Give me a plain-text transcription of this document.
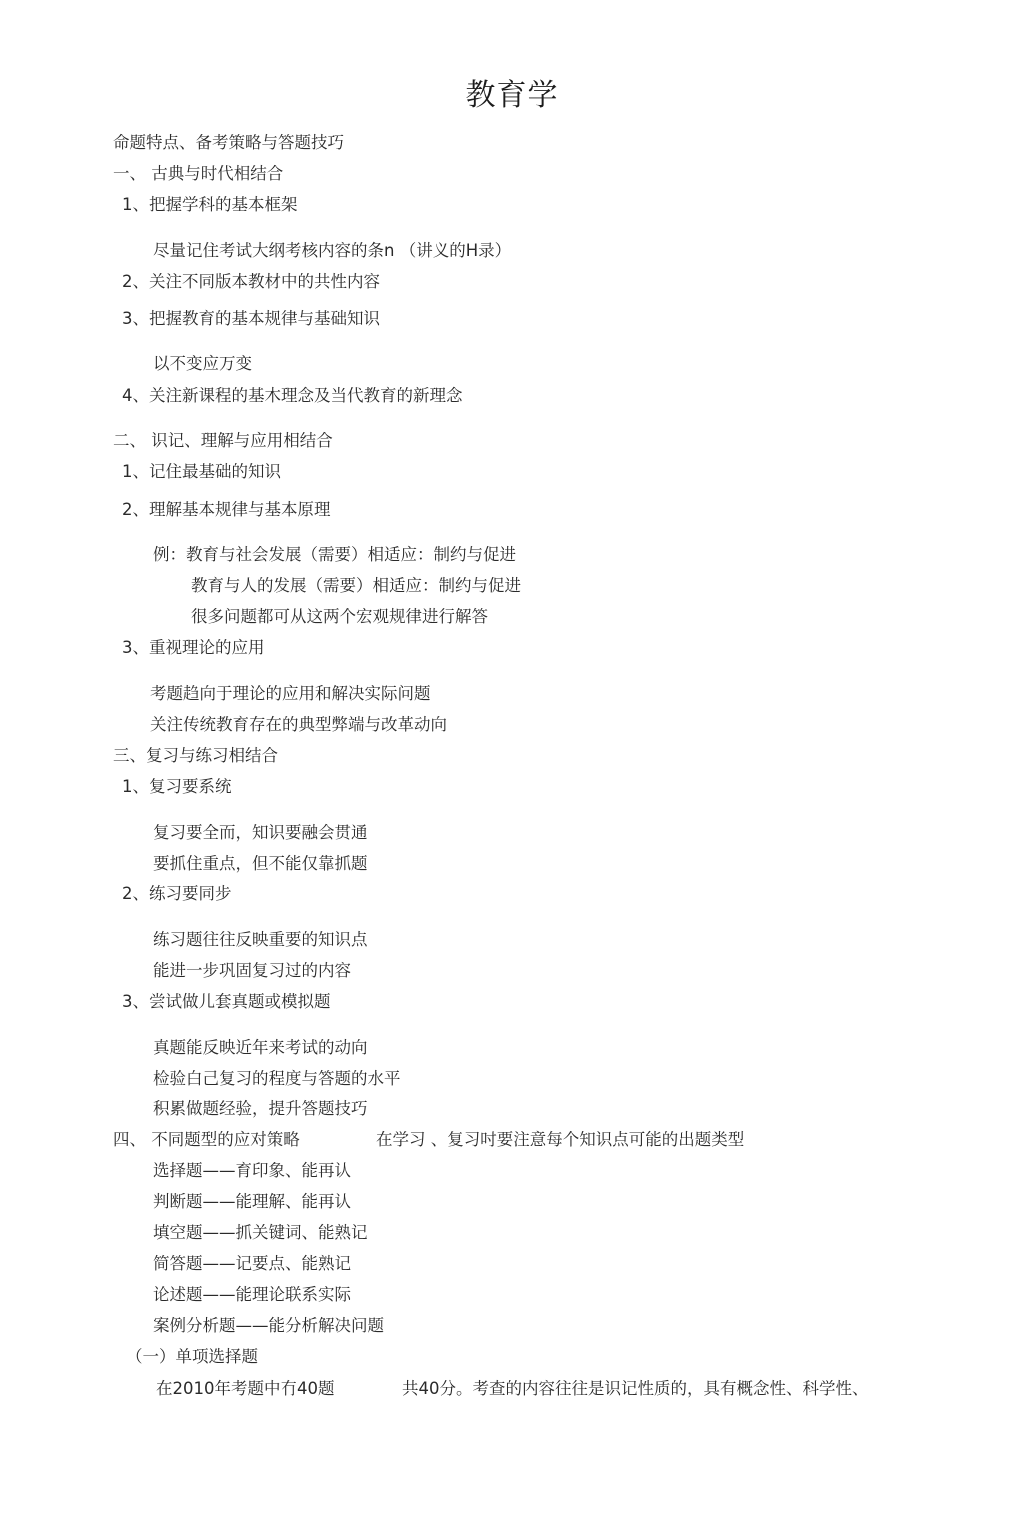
教育学
命题特点、备考策略与答题技巧
一、 古典与时代相结合
1、把握学科的基本框架
尽量记住考试大纲考核内容的条n （讲义的H录）
2、关注不同版本教材中的共性内容
3、把握教育的基本规律与基础知识
以不变应万变
4、关注新课程的基木理念及当代教育的新理念
二、 识记、理解与应用相结合
1、记住最基础的知识
2、理解基本规律与基本原理
例：教育与社会发展（需要）相适应：制约与促进
教育与人的发展（需要）相适应：制约与促进
很多问题都可从这两个宏观规律进行解答
3、重视理论的应用
考题趋向于理论的应用和解决实际问题
关注传统教育存在的典型弊端与改革动向
三、复习与练习相结合
1、复习要系统
复习要全而，知识要融会贯通
要抓住重点，但不能仅靠抓题
2、练习要同步
练习题往往反映重要的知识点
能进一步巩固复习过的内容
3、尝试做儿套真题或模拟题
真题能反映近年来考试的动向
检验白己复习的程度与答题的水平
积累做题经验，提升答题技巧
四、 不同题型的应对策略	在学习 、复习吋要注意每个知识点可能的出题类型
选择题——育印象、能再认
判断题——能理解、能再认
填空题——抓关键词、能熟记
简答题——记要点、能熟记
论述题——能理论联系实际
案例分析题——能分析解决问题
（一）单项选择题
在2010年考题中冇40题	共40分。考查的内容往往是识记性质的，具有概念性、科学性、
